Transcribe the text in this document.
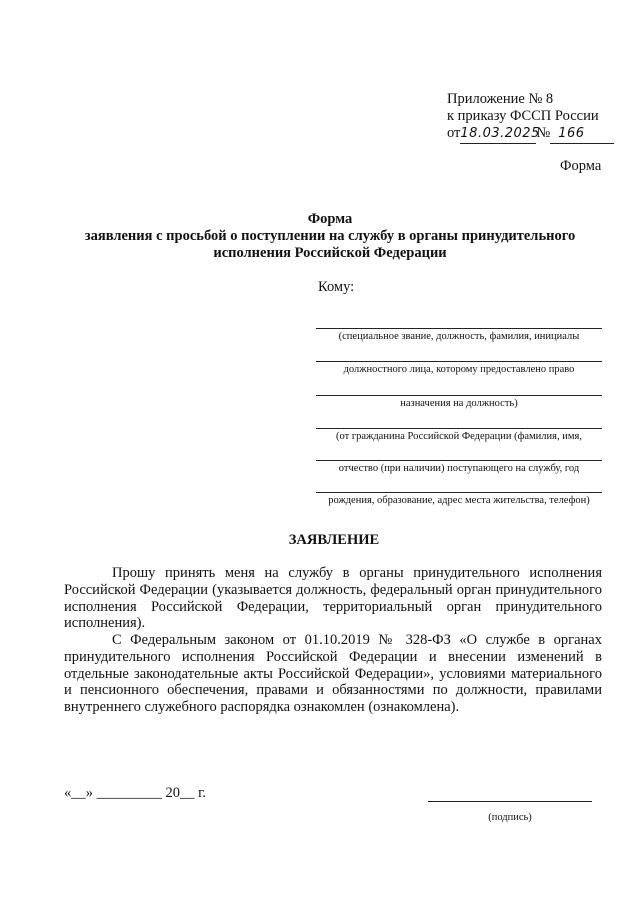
Приложение № 8
к приказу ФССП России
от18.03.2025№ 166
Форма
Форма
заявления с просьбой о поступлении на службу в органы принудительного
исполнения Российской Федерации
Кому:
(специальное звание, должность, фамилия, инициалы
должностного лица, которому предоставлено право
назначения на должность)
(от гражданина Российской Федерации (фамилия, имя,
отчество (при наличии) поступающего на службу, год
рождения, образование, адрес места жительства, телефон)
ЗАЯВЛЕНИЕ
Прошу принять меня на службу в органы принудительного исполнения Российской Федерации (указывается должность, федеральный орган принудительного исполнения Российской Федерации, территориальный орган принудительного исполнения).
С Федеральным законом от 01.10.2019 № 328-ФЗ «О службе в органах принудительного исполнения Российской Федерации и внесении изменений в отдельные законодательные акты Российской Федерации», условиями материального и пенсионного обеспечения, правами и обязанностями по должности, правилами внутреннего служебного распорядка ознакомлен (ознакомлена).
«__» _________ 20__ г.
(подпись)
